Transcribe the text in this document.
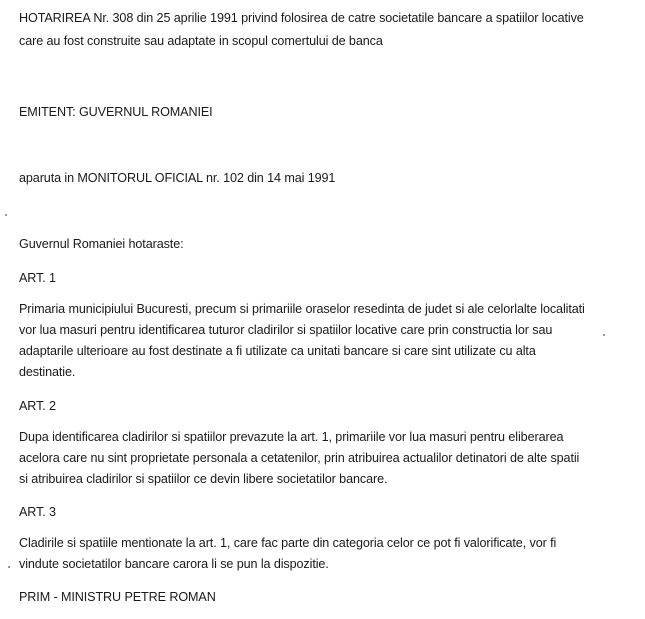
HOTARIREA Nr. 308 din 25 aprilie 1991 privind folosirea de catre societatile bancare a spatiilor locative
care au fost construite sau adaptate in scopul comertului de banca
EMITENT: GUVERNUL ROMANIEI
aparuta in MONITORUL OFICIAL nr. 102 din 14 mai 1991
Guvernul Romaniei hotaraste:
ART. 1
Primaria municipiului Bucuresti, precum si primariile oraselor resedinta de judet si ale celorlalte localitati
vor lua masuri pentru identificarea tuturor cladirilor si spatiilor locative care prin constructia lor sau
adaptarile ulterioare au fost destinate a fi utilizate ca unitati bancare si care sint utilizate cu alta
destinatie.
ART. 2
Dupa identificarea cladirilor si spatiilor prevazute la art. 1, primariile vor lua masuri pentru eliberarea
acelora care nu sint proprietate personala a cetatenilor, prin atribuirea actualilor detinatori de alte spatii
si atribuirea cladirilor si spatiilor ce devin libere societatilor bancare.
ART. 3
Cladirile si spatiile mentionate la art. 1, care fac parte din categoria celor ce pot fi valorificate, vor fi
vindute societatilor bancare carora li se pun la dispozitie.
PRIM - MINISTRU PETRE ROMAN
